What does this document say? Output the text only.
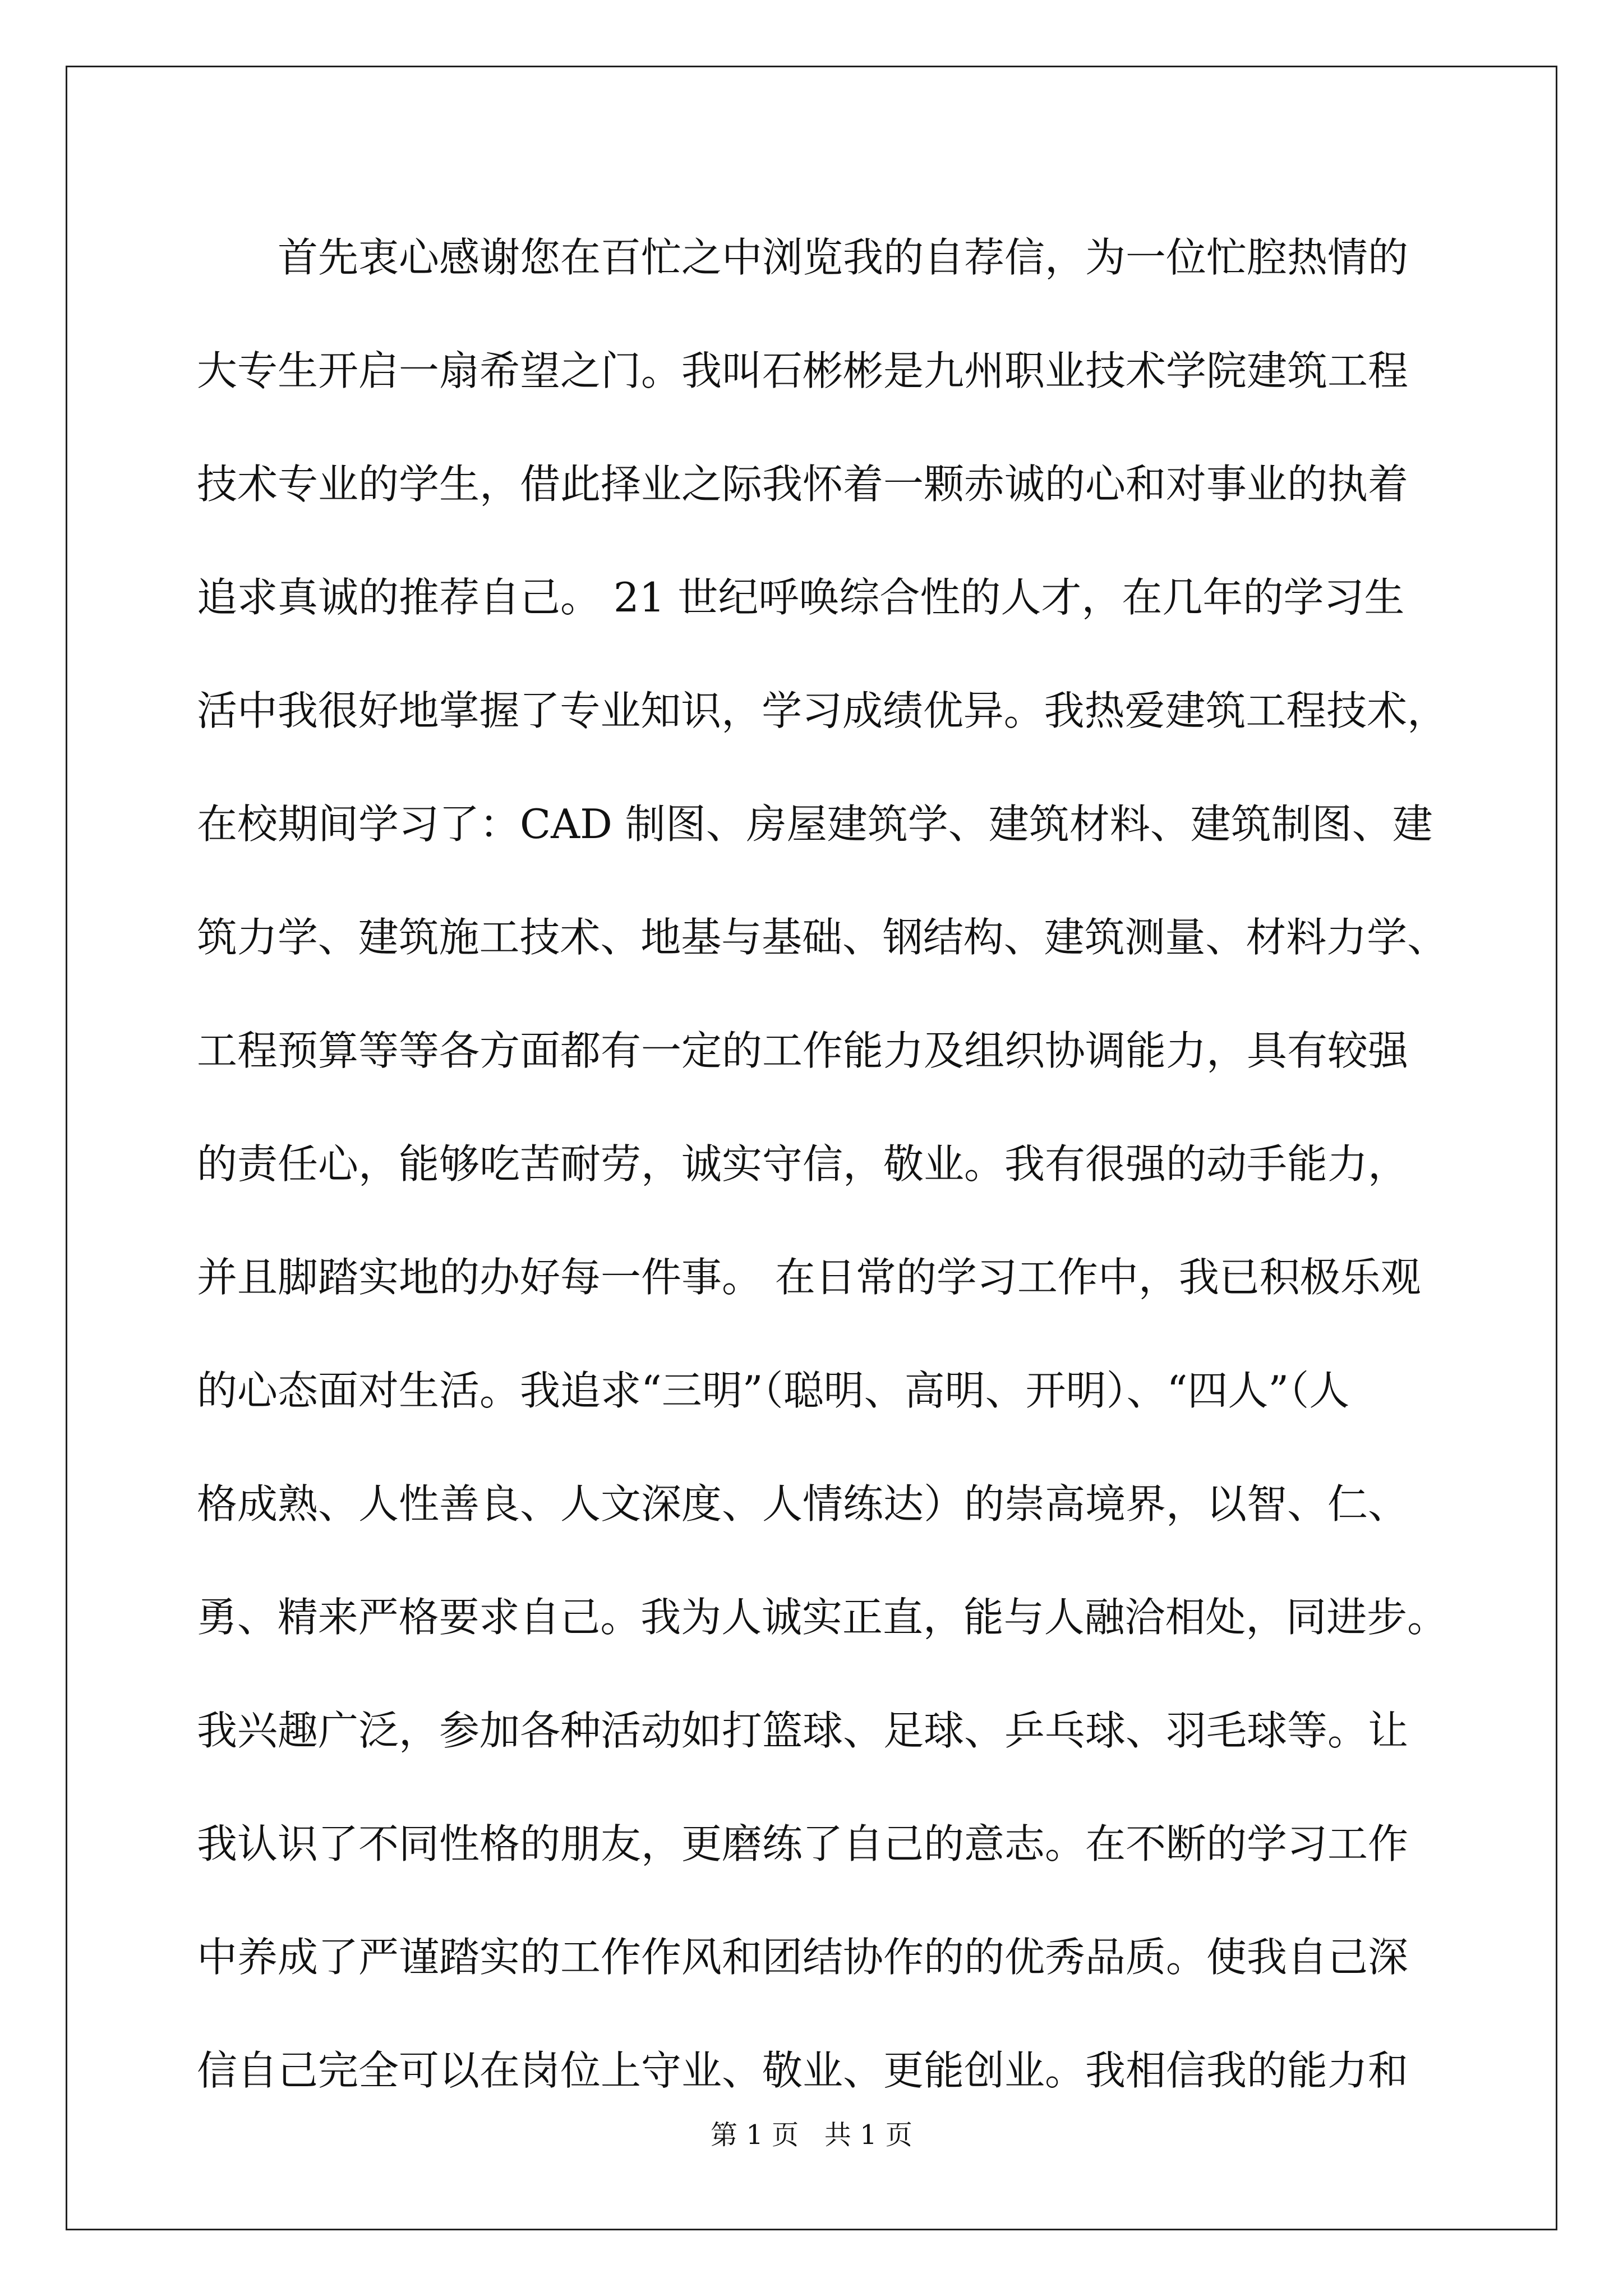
　　首先衷心感谢您在百忙之中浏览我的自荐信，为一位忙腔热情的
大专生开启一扇希望之门。我叫石彬彬是九州职业技术学院建筑工程
技术专业的学生，借此择业之际我怀着一颗赤诚的心和对事业的执着
追求真诚的推荐自己。 21 世纪呼唤综合性的人才，在几年的学习生
活中我很好地掌握了专业知识，学习成绩优异。我热爱建筑工程技术，
在校期间学习了：CAD 制图、房屋建筑学、建筑材料、建筑制图、建
筑力学、建筑施工技术、地基与基础、钢结构、建筑测量、材料力学、
工程预算等等各方面都有一定的工作能力及组织协调能力，具有较强
的责任心，能够吃苦耐劳，诚实守信，敬业。我有很强的动手能力，
并且脚踏实地的办好每一件事。 在日常的学习工作中，我已积极乐观
的心态面对生活。我追求“三明”（聪明、高明、开明）、“四人”（人
格成熟、人性善良、人文深度、人情练达）的崇高境界，以智、仁、
勇、精来严格要求自己。我为人诚实正直，能与人融洽相处，同进步。
我兴趣广泛，参加各种活动如打篮球、足球、乒乓球、羽毛球等。让
我认识了不同性格的朋友，更磨练了自己的意志。在不断的学习工作
中养成了严谨踏实的工作作风和团结协作的的优秀品质。使我自己深
信自己完全可以在岗位上守业、敬业、更能创业。我相信我的能力和
第 1 页   共 1 页
